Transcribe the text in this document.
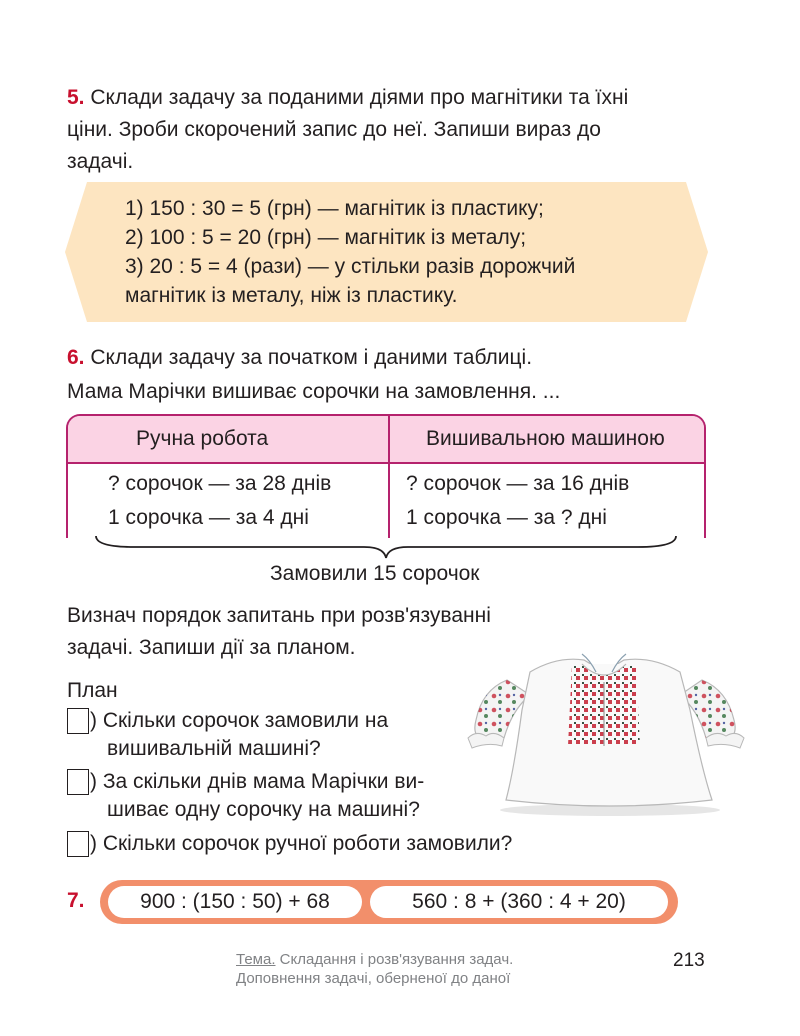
5. Склади задачу за поданими діями про магнітики та їхні
ціни. Зроби скорочений запис до неї. Запиши вираз до
задачі.
1) 150 : 30 = 5 (грн) — магнітик із пластику;
2) 100 : 5 = 20 (грн) — магнітик із металу;
3) 20 : 5 = 4 (рази) — у стільки разів дорожчий
магнітик із металу, ніж із пластику.
6. Склади задачу за початком і даними таблиці.
Мама Марічки вишиває сорочки на замовлення. ...
Ручна робота	Вишивальною машиною
? сорочок — за 28 днів	? сорочок — за 16 днів
1 сорочка — за 4 дні	1 сорочка — за ? дні
Замовили 15 сорочок
Визнач порядок запитань при розв'язуванні
задачі. Запиши дії за планом.
План
) Скільки сорочок замовили на
вишивальній машині?
) За скільки днів мама Марічки ви-
шиває одну сорочку на машині?
) Скільки сорочок ручної роботи замовили?
7.	900 : (150 : 50) + 68	560 : 8 + (360 : 4 + 20)
Тема. Складання і розв'язування задач.
Доповнення задачі, оберненої до даної
213
